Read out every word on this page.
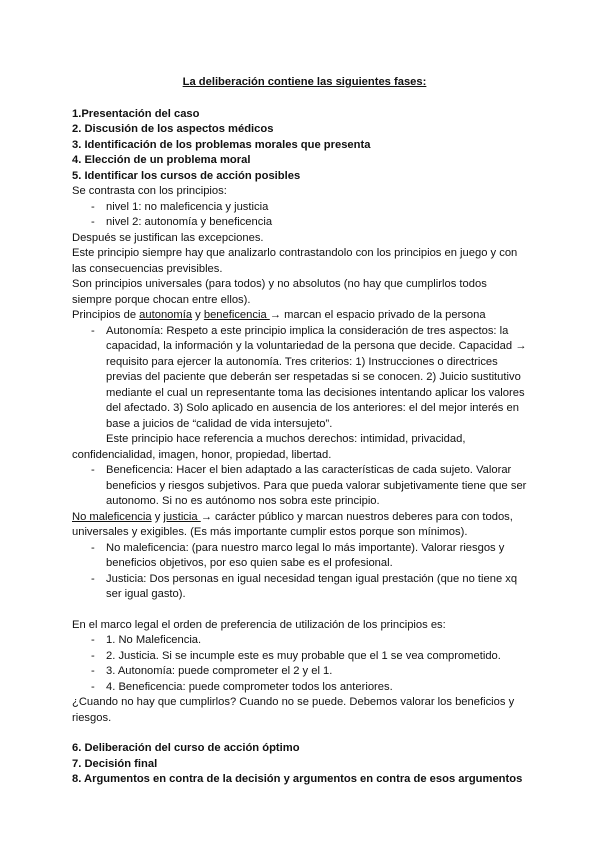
La deliberación contiene las siguientes fases:

1.Presentación del caso

2. Discusión de los aspectos médicos

3. Identificación de los problemas morales que presenta

4. Elección de un problema moral

5. Identificar los cursos de acción posibles

Se contrasta con los principios:

- nivel 1: no maleficencia y justicia

- nivel 2: autonomía y beneficencia

Después se justifican las excepciones.

Este principio siempre hay que analizarlo contrastandolo con los principios en juego y con las consecuencias previsibles.

Son principios universales (para todos) y no absolutos (no hay que cumplirlos todos siempre porque chocan entre ellos).

Principios de autonomía y beneficencia → marcan el espacio privado de la persona

- Autonomía: Respeto a este principio implica la consideración de tres aspectos: la capacidad, la información y la voluntariedad de la persona que decide. Capacidad → requisito para ejercer la autonomía. Tres criterios: 1) Instrucciones o directrices previas del paciente que deberán ser respetadas si se conocen. 2) Juicio sustitutivo mediante el cual un representante toma las decisiones intentando aplicar los valores del afectado. 3) Solo aplicado en ausencia de los anteriores: el del mejor interés en base a juicios de “calidad de vida intersujeto”.

Este principio hace referencia a muchos derechos: intimidad, privacidad,

confidencialidad, imagen, honor, propiedad, libertad.

- Beneficencia: Hacer el bien adaptado a las características de cada sujeto. Valorar beneficios y riesgos subjetivos. Para que pueda valorar subjetivamente tiene que ser autonomo. Si no es autónomo nos sobra este principio.

No maleficencia y justicia → carácter público y marcan nuestros deberes para con todos, universales y exigibles. (Es más importante cumplir estos porque son mínimos).

- No maleficencia: (para nuestro marco legal lo más importante). Valorar riesgos y beneficios objetivos, por eso quien sabe es el profesional.

- Justicia: Dos personas en igual necesidad tengan igual prestación (que no tiene xq ser igual gasto).

En el marco legal el orden de preferencia de utilización de los principios es:

- 1. No Maleficencia.

- 2. Justicia. Si se incumple este es muy probable que el 1 se vea comprometido.

- 3. Autonomía: puede comprometer el 2 y el 1.

- 4. Beneficencia: puede comprometer todos los anteriores.

¿Cuando no hay que cumplirlos? Cuando no se puede. Debemos valorar los beneficios y riesgos.

6. Deliberación del curso de acción óptimo

7. Decisión final

8. Argumentos en contra de la decisión y argumentos en contra de esos argumentos
